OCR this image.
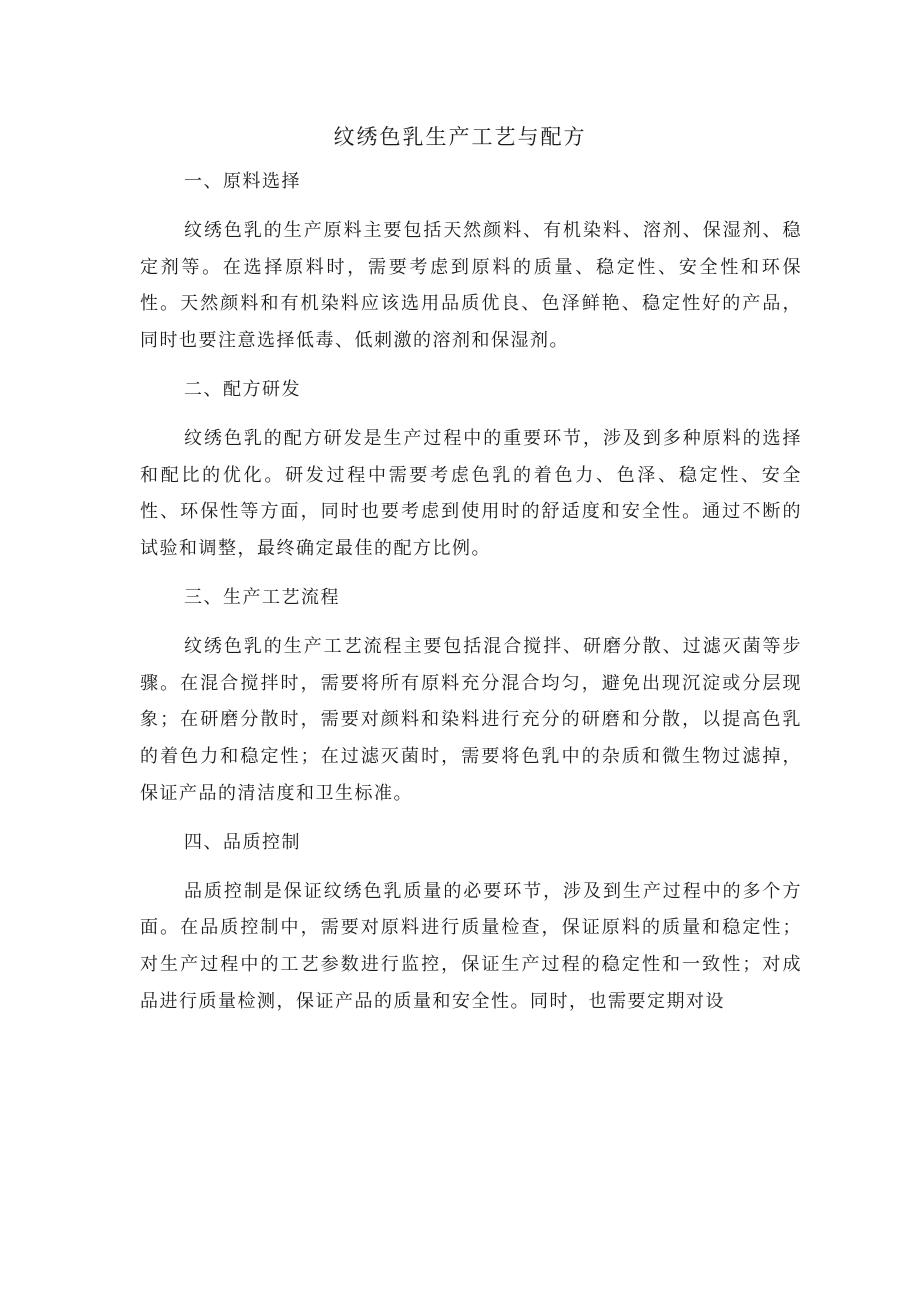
纹绣色乳生产工艺与配方
一、原料选择
纹绣色乳的生产原料主要包括天然颜料、有机染料、溶剂、保湿剂、稳定剂等。在选择原料时，需要考虑到原料的质量、稳定性、安全性和环保性。天然颜料和有机染料应该选用品质优良、色泽鲜艳、稳定性好的产品，同时也要注意选择低毒、低刺激的溶剂和保湿剂。
二、配方研发
纹绣色乳的配方研发是生产过程中的重要环节，涉及到多种原料的选择和配比的优化。研发过程中需要考虑色乳的着色力、色泽、稳定性、安全性、环保性等方面，同时也要考虑到使用时的舒适度和安全性。通过不断的试验和调整，最终确定最佳的配方比例。
三、生产工艺流程
纹绣色乳的生产工艺流程主要包括混合搅拌、研磨分散、过滤灭菌等步骤。在混合搅拌时，需要将所有原料充分混合均匀，避免出现沉淀或分层现象；在研磨分散时，需要对颜料和染料进行充分的研磨和分散，以提高色乳的着色力和稳定性；在过滤灭菌时，需要将色乳中的杂质和微生物过滤掉，保证产品的清洁度和卫生标准。
四、品质控制
品质控制是保证纹绣色乳质量的必要环节，涉及到生产过程中的多个方面。在品质控制中，需要对原料进行质量检查，保证原料的质量和稳定性；对生产过程中的工艺参数进行监控，保证生产过程的稳定性和一致性；对成品进行质量检测，保证产品的质量和安全性。同时，也需要定期对设
